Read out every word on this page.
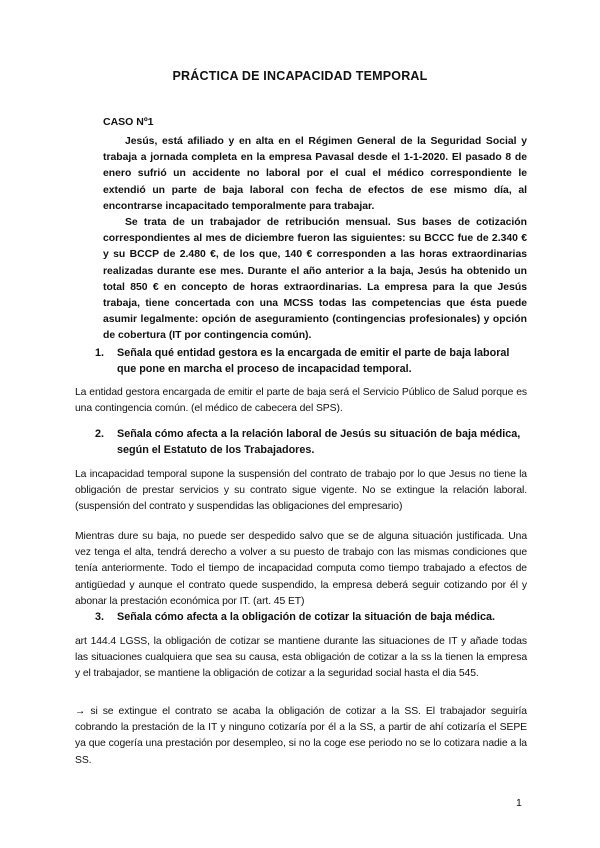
PRÁCTICA DE INCAPACIDAD TEMPORAL
CASO Nº1
Jesús, está afiliado y en alta en el Régimen General de la Seguridad Social y trabaja a jornada completa en la empresa Pavasal desde el 1-1-2020. El pasado 8 de enero sufrió un accidente no laboral por el cual el médico correspondiente le extendió un parte de baja laboral con fecha de efectos de ese mismo día, al encontrarse incapacitado temporalmente para trabajar.
Se trata de un trabajador de retribución mensual. Sus bases de cotización correspondientes al mes de diciembre fueron las siguientes: su BCCC fue de 2.340 € y su BCCP de 2.480 €, de los que, 140 € corresponden a las horas extraordinarias realizadas durante ese mes. Durante el año anterior a la baja, Jesús ha obtenido un total 850 € en concepto de horas extraordinarias. La empresa para la que Jesús trabaja, tiene concertada con una MCSS todas las competencias que ésta puede asumir legalmente: opción de aseguramiento (contingencias profesionales) y opción de cobertura (IT por contingencia común).
1.	Señala qué entidad gestora es la encargada de emitir el parte de baja laboral que pone en marcha el proceso de incapacidad temporal.
La entidad gestora encargada de emitir el parte de baja será el Servicio Público de Salud porque es una contingencia común. (el médico de cabecera del SPS).
2.	Señala cómo afecta a la relación laboral de Jesús su situación de baja médica, según el Estatuto de los Trabajadores.
La incapacidad temporal supone la suspensión del contrato de trabajo por lo que Jesus no tiene la obligación de prestar servicios y su contrato sigue vigente. No se extingue la relación laboral. (suspensión del contrato y suspendidas las obligaciones del empresario)
Mientras dure su baja, no puede ser despedido salvo que se de alguna situación justificada. Una vez tenga el alta, tendrá derecho a volver a su puesto de trabajo con las mismas condiciones que tenía anteriormente. Todo el tiempo de incapacidad computa como tiempo trabajado a efectos de antigüedad y aunque el contrato quede suspendido, la empresa deberá seguir cotizando por él y abonar la prestación económica por IT. (art. 45 ET)
3.	Señala cómo afecta a la obligación de cotizar la situación de baja médica.
art 144.4 LGSS, la obligación de cotizar se mantiene durante las situaciones de IT y añade todas las situaciones cualquiera que sea su causa, esta obligación de cotizar a la ss la tienen la empresa y el trabajador, se mantiene la obligación de cotizar a la seguridad social hasta el dia 545.
→ si se extingue el contrato se acaba la obligación de cotizar a la SS. El trabajador seguiría cobrando la prestación de la IT y ninguno cotizaría por él a la SS, a partir de ahí cotizaría el SEPE ya que cogería una prestación por desempleo, si no la coge ese periodo no se lo cotizara nadie a la SS.
1
